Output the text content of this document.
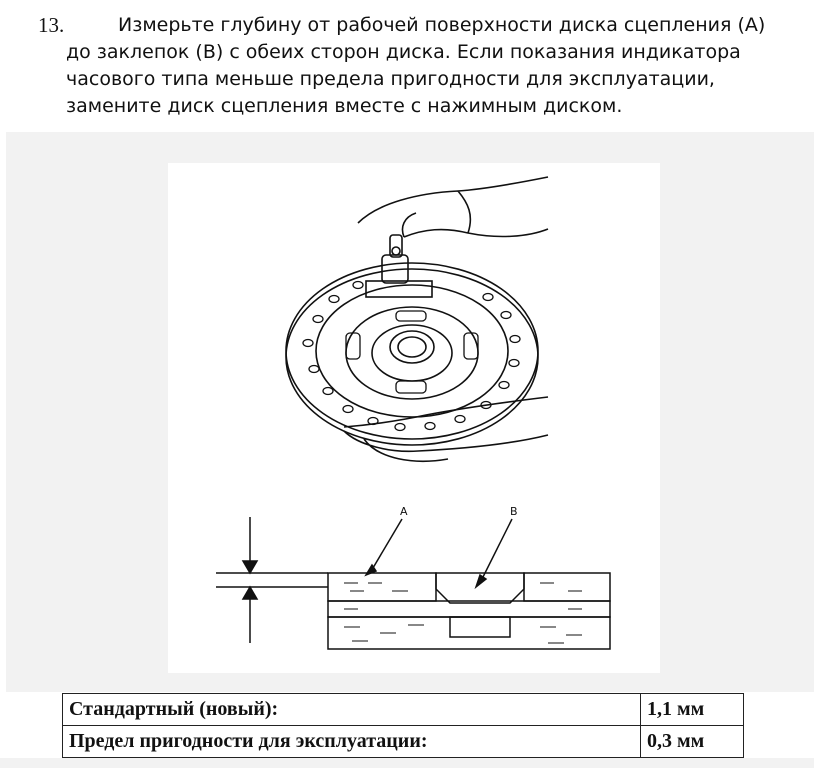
13.	Измерьте глубину от рабочей поверхности диска сцепления (А)
до заклепок (В) с обеих сторон диска. Если показания индикатора
часового типа меньше предела пригодности для эксплуатации,
замените диск сцепления вместе с нажимным диском.
A	B
Стандартный (новый):	1,1 мм
Предел пригодности для эксплуатации:	0,3 мм
